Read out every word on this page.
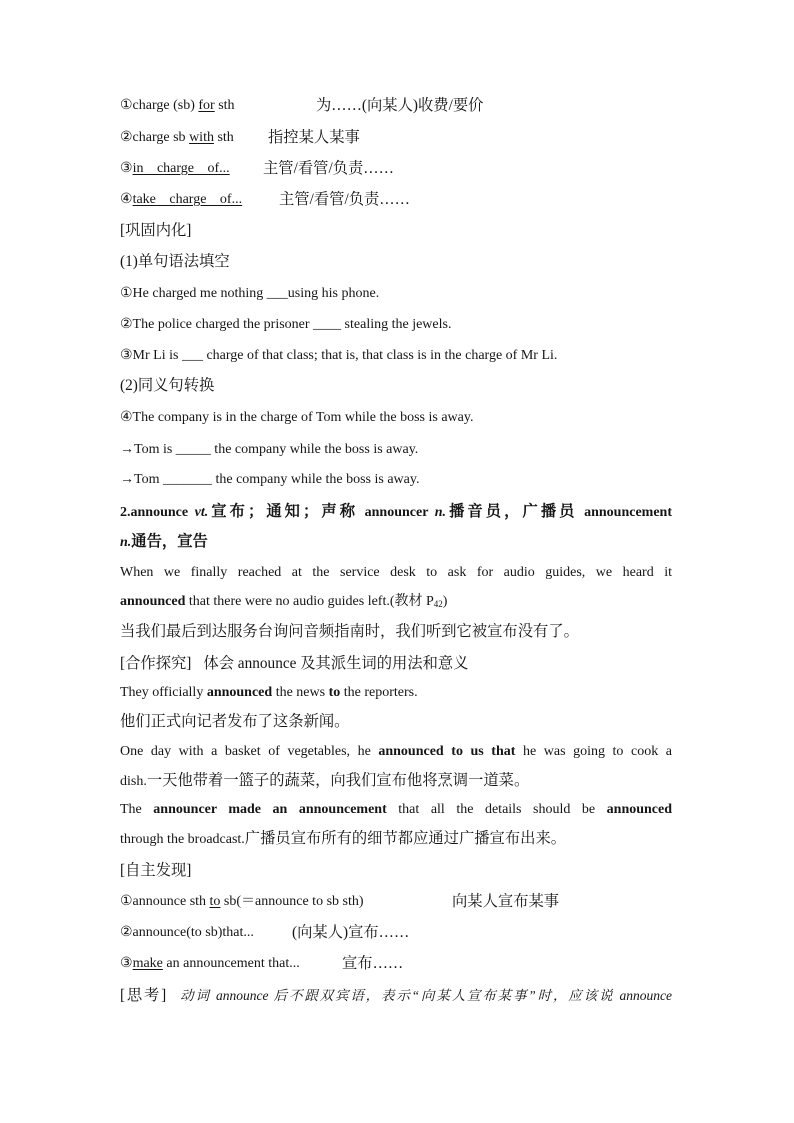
①charge (sb) for sth	为……(向某人)收费/要价
②charge sb with sth 指控某人某事
③in charge of... 主管/看管/负责……
④take charge of... 主管/看管/负责……
[巩固内化]
(1)单句语法填空
①He charged me nothing ___using his phone.
②The police charged the prisoner ____ stealing the jewels.
③Mr Li is ___ charge of that class; that is, that class is in the charge of Mr Li.
(2)同义句转换
④The company is in the charge of Tom while the boss is away.
→Tom is _____ the company while the boss is away.
→Tom _______ the company while the boss is away.
2.announce vt.宣布；通知；声称 announcer n.播音员，广播员 announcement
n.通告，宣告
When we finally reached at the service desk to ask for audio guides, we heard it
announced that there were no audio guides left.(教材 $P_{42}$)
当我们最后到达服务台询问音频指南时，我们听到它被宣布没有了。
[合作探究] 体会 announce 及其派生词的用法和意义
They officially announced the news to the reporters.
他们正式向记者发布了这条新闻。
One day with a basket of vegetables, he announced to us that he was going to cook a
dish.一天他带着一篮子的蔬菜，向我们宣布他将烹调一道菜。
The announcer made an announcement that all the details should be announced
through the broadcast.广播员宣布所有的细节都应通过广播宣布出来。
[自主发现]
①announce sth to sb(＝announce to sb sth)	向某人宣布某事
②announce(to sb)that... (向某人)宣布……
③make an announcement that...	宣布……
[思考] 动词 announce 后不跟双宾语，表示“向某人宣布某事”时，应该说 announce
